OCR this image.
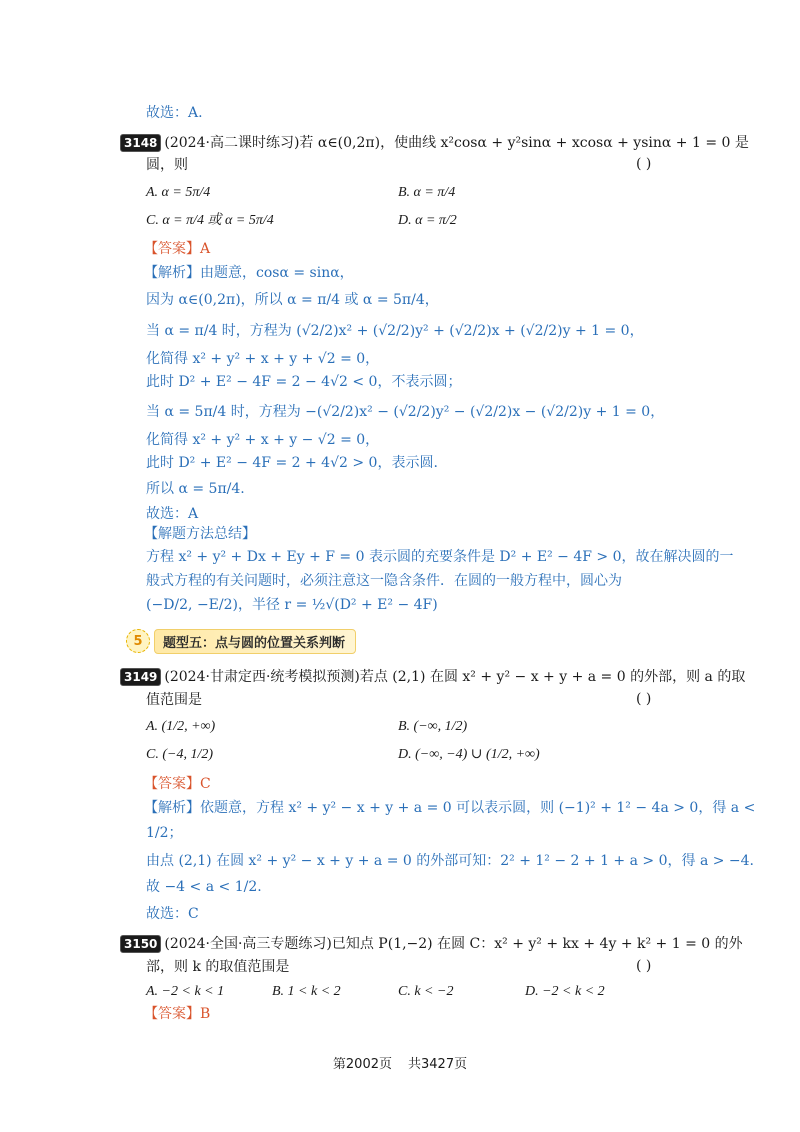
故选：A.
3148 (2024·高二课时练习)若 α∈(0,2π)，使曲线 x²cosα + y²sinα + xcosα + ysinα + 1 = 0 是
圆，则	( )
A. α = 5π/4	B. α = π/4
C. α = π/4 或 α = 5π/4	D. α = π/2
【答案】A
【解析】由题意，cosα = sinα，
因为 α∈(0,2π)，所以 α = π/4 或 α = 5π/4，
当 α = π/4 时，方程为 (√2/2)x² + (√2/2)y² + (√2/2)x + (√2/2)y + 1 = 0，
化简得 x² + y² + x + y + √2 = 0，
此时 D² + E² − 4F = 2 − 4√2 < 0，不表示圆；
当 α = 5π/4 时，方程为 −(√2/2)x² − (√2/2)y² − (√2/2)x − (√2/2)y + 1 = 0，
化简得 x² + y² + x + y − √2 = 0，
此时 D² + E² − 4F = 2 + 4√2 > 0，表示圆.
所以 α = 5π/4.
故选：A
【解题方法总结】
方程 x² + y² + Dx + Ey + F = 0 表示圆的充要条件是 D² + E² − 4F > 0，故在解决圆的一
般式方程的有关问题时，必须注意这一隐含条件．在圆的一般方程中，圆心为
(−D/2, −E/2)，半径 r = ½√(D² + E² − 4F)
5	题型五：点与圆的位置关系判断
3149 (2024·甘肃定西·统考模拟预测)若点 (2,1) 在圆 x² + y² − x + y + a = 0 的外部，则 a 的取
值范围是	( )
A. (1/2, +∞)	B. (−∞, 1/2)
C. (−4, 1/2)	D. (−∞, −4) ∪ (1/2, +∞)
【答案】C
【解析】依题意，方程 x² + y² − x + y + a = 0 可以表示圆，则 (−1)² + 1² − 4a > 0，得 a <
1/2；
由点 (2,1) 在圆 x² + y² − x + y + a = 0 的外部可知：2² + 1² − 2 + 1 + a > 0，得 a > −4.
故 −4 < a < 1/2.
故选：C
3150 (2024·全国·高三专题练习)已知点 P(1,−2) 在圆 C：x² + y² + kx + 4y + k² + 1 = 0 的外
部，则 k 的取值范围是	( )
A. −2 < k < 1	B. 1 < k < 2	C. k < −2	D. −2 < k < 2
【答案】B
第2002页 共3427页
